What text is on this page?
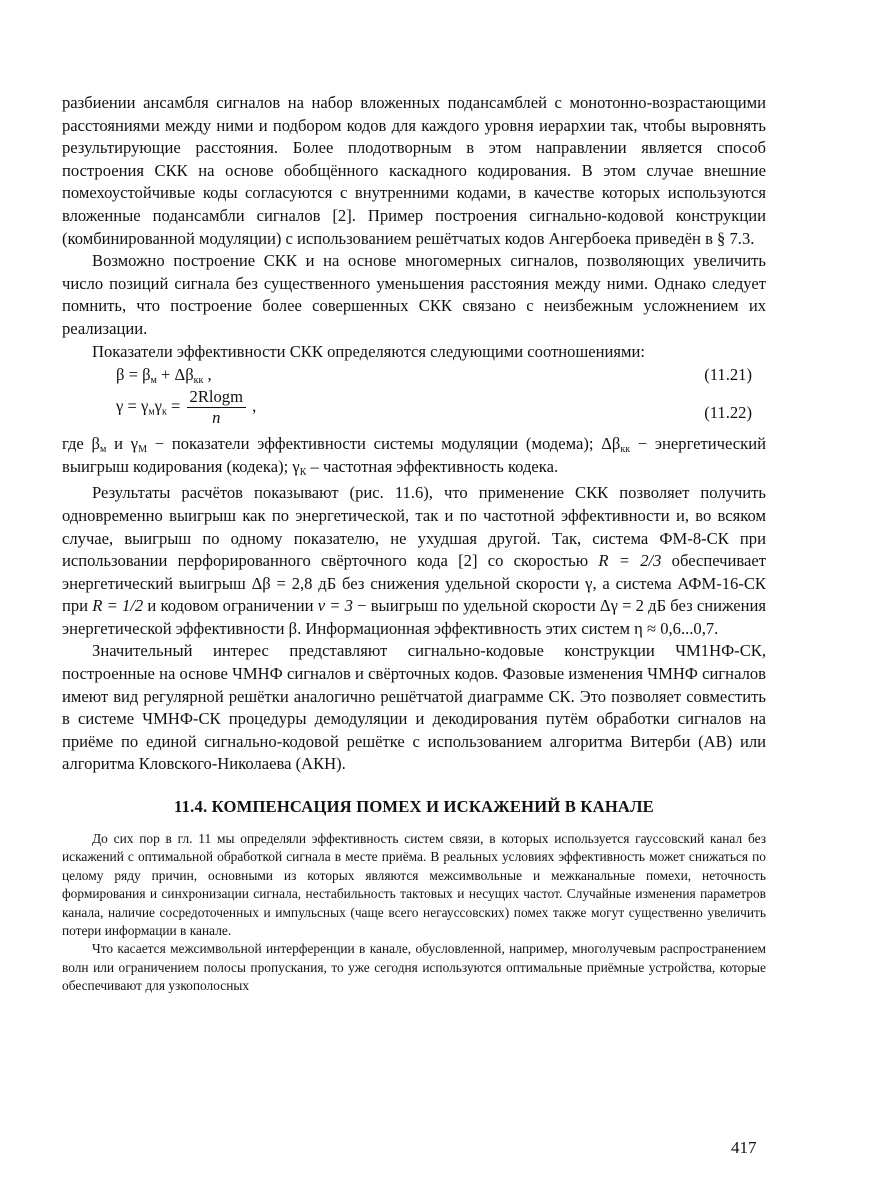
разбиении ансамбля сигналов на набор вложенных подансамблей с монотонно-возрастающими расстояниями между ними и подбором кодов для каждого уровня иерархии так, чтобы выровнять результирующие расстояния. Более плодотворным в этом направлении является способ построения СКК на основе обобщённого каскадного кодирования. В этом случае внешние помехоустойчивые коды согласуются с внутренними кодами, в качестве которых используются вложенные подансамбли сигналов [2]. Пример построения сигнально-кодовой конструкции (комбинированной модуляции) с использованием решётчатых кодов Ангербоека приведён в § 7.3.

Возможно построение СКК и на основе многомерных сигналов, позволяющих увеличить число позиций сигнала без существенного уменьшения расстояния между ними. Однако следует помнить, что построение более совершенных СКК связано с неизбежным усложнением их реализации.

Показатели эффективности СКК определяются следующими соотношениями:

$\beta = \beta_м + \Delta\beta_{кк}$ ,	(11.21)
$\gamma = \gamma_м\gamma_к = \frac{2Rlogm}{n}$ ,	(11.22)

где $\beta_м$ и $\gamma_М$ − показатели эффективности системы модуляции (модема); $\Delta\beta_{кк}$ − энергетический выигрыш кодирования (кодека); $\gamma_К$ – частотная эффективность кодека.

Результаты расчётов показывают (рис. 11.6), что применение СКК позволяет получить одновременно выигрыш как по энергетической, так и по частотной эффективности и, во всяком случае, выигрыш по одному показателю, не ухудшая другой. Так, система ФМ-8-СК при использовании перфорированного свёрточного кода [2] со скоростью R = 2/3 обеспечивает энергетический выигрыш Δβ = 2,8 дБ без снижения удельной скорости γ, а система АФМ-16-СК при R = 1/2 и кодовом ограничении ν = 3 − выигрыш по удельной скорости Δγ = 2 дБ без снижения энергетической эффективности β. Информационная эффективность этих систем η ≈ 0,6...0,7.

Значительный интерес представляют сигнально-кодовые конструкции ЧМ1НФ-СК, построенные на основе ЧМНФ сигналов и свёрточных кодов. Фазовые изменения ЧМНФ сигналов имеют вид регулярной решётки аналогично решётчатой диаграмме СК. Это позволяет совместить в системе ЧМНФ-СК процедуры демодуляции и декодирования путём обработки сигналов на приёме по единой сигнально-кодовой решётке с использованием алгоритма Витерби (АВ) или алгоритма Кловского-Николаева (АКН).

11.4. КОМПЕНСАЦИЯ ПОМЕХ И ИСКАЖЕНИЙ В КАНАЛЕ

До сих пор в гл. 11 мы определяли эффективность систем связи, в которых используется гауссовский канал без искажений с оптимальной обработкой сигнала в месте приёма. В реальных условиях эффективность может снижаться по целому ряду причин, основными из которых являются межсимвольные и межканальные помехи, неточность формирования и синхронизации сигнала, нестабильность тактовых и несущих частот. Случайные изменения параметров канала, наличие сосредоточенных и импульсных (чаще всего негауссовских) помех также могут существенно увеличить потери информации в канале.

Что касается межсимвольной интерференции в канале, обусловленной, например, многолучевым распространением волн или ограничением полосы пропускания, то уже сегодня используются оптимальные приёмные устройства, которые обеспечивают для узкополосных

417
